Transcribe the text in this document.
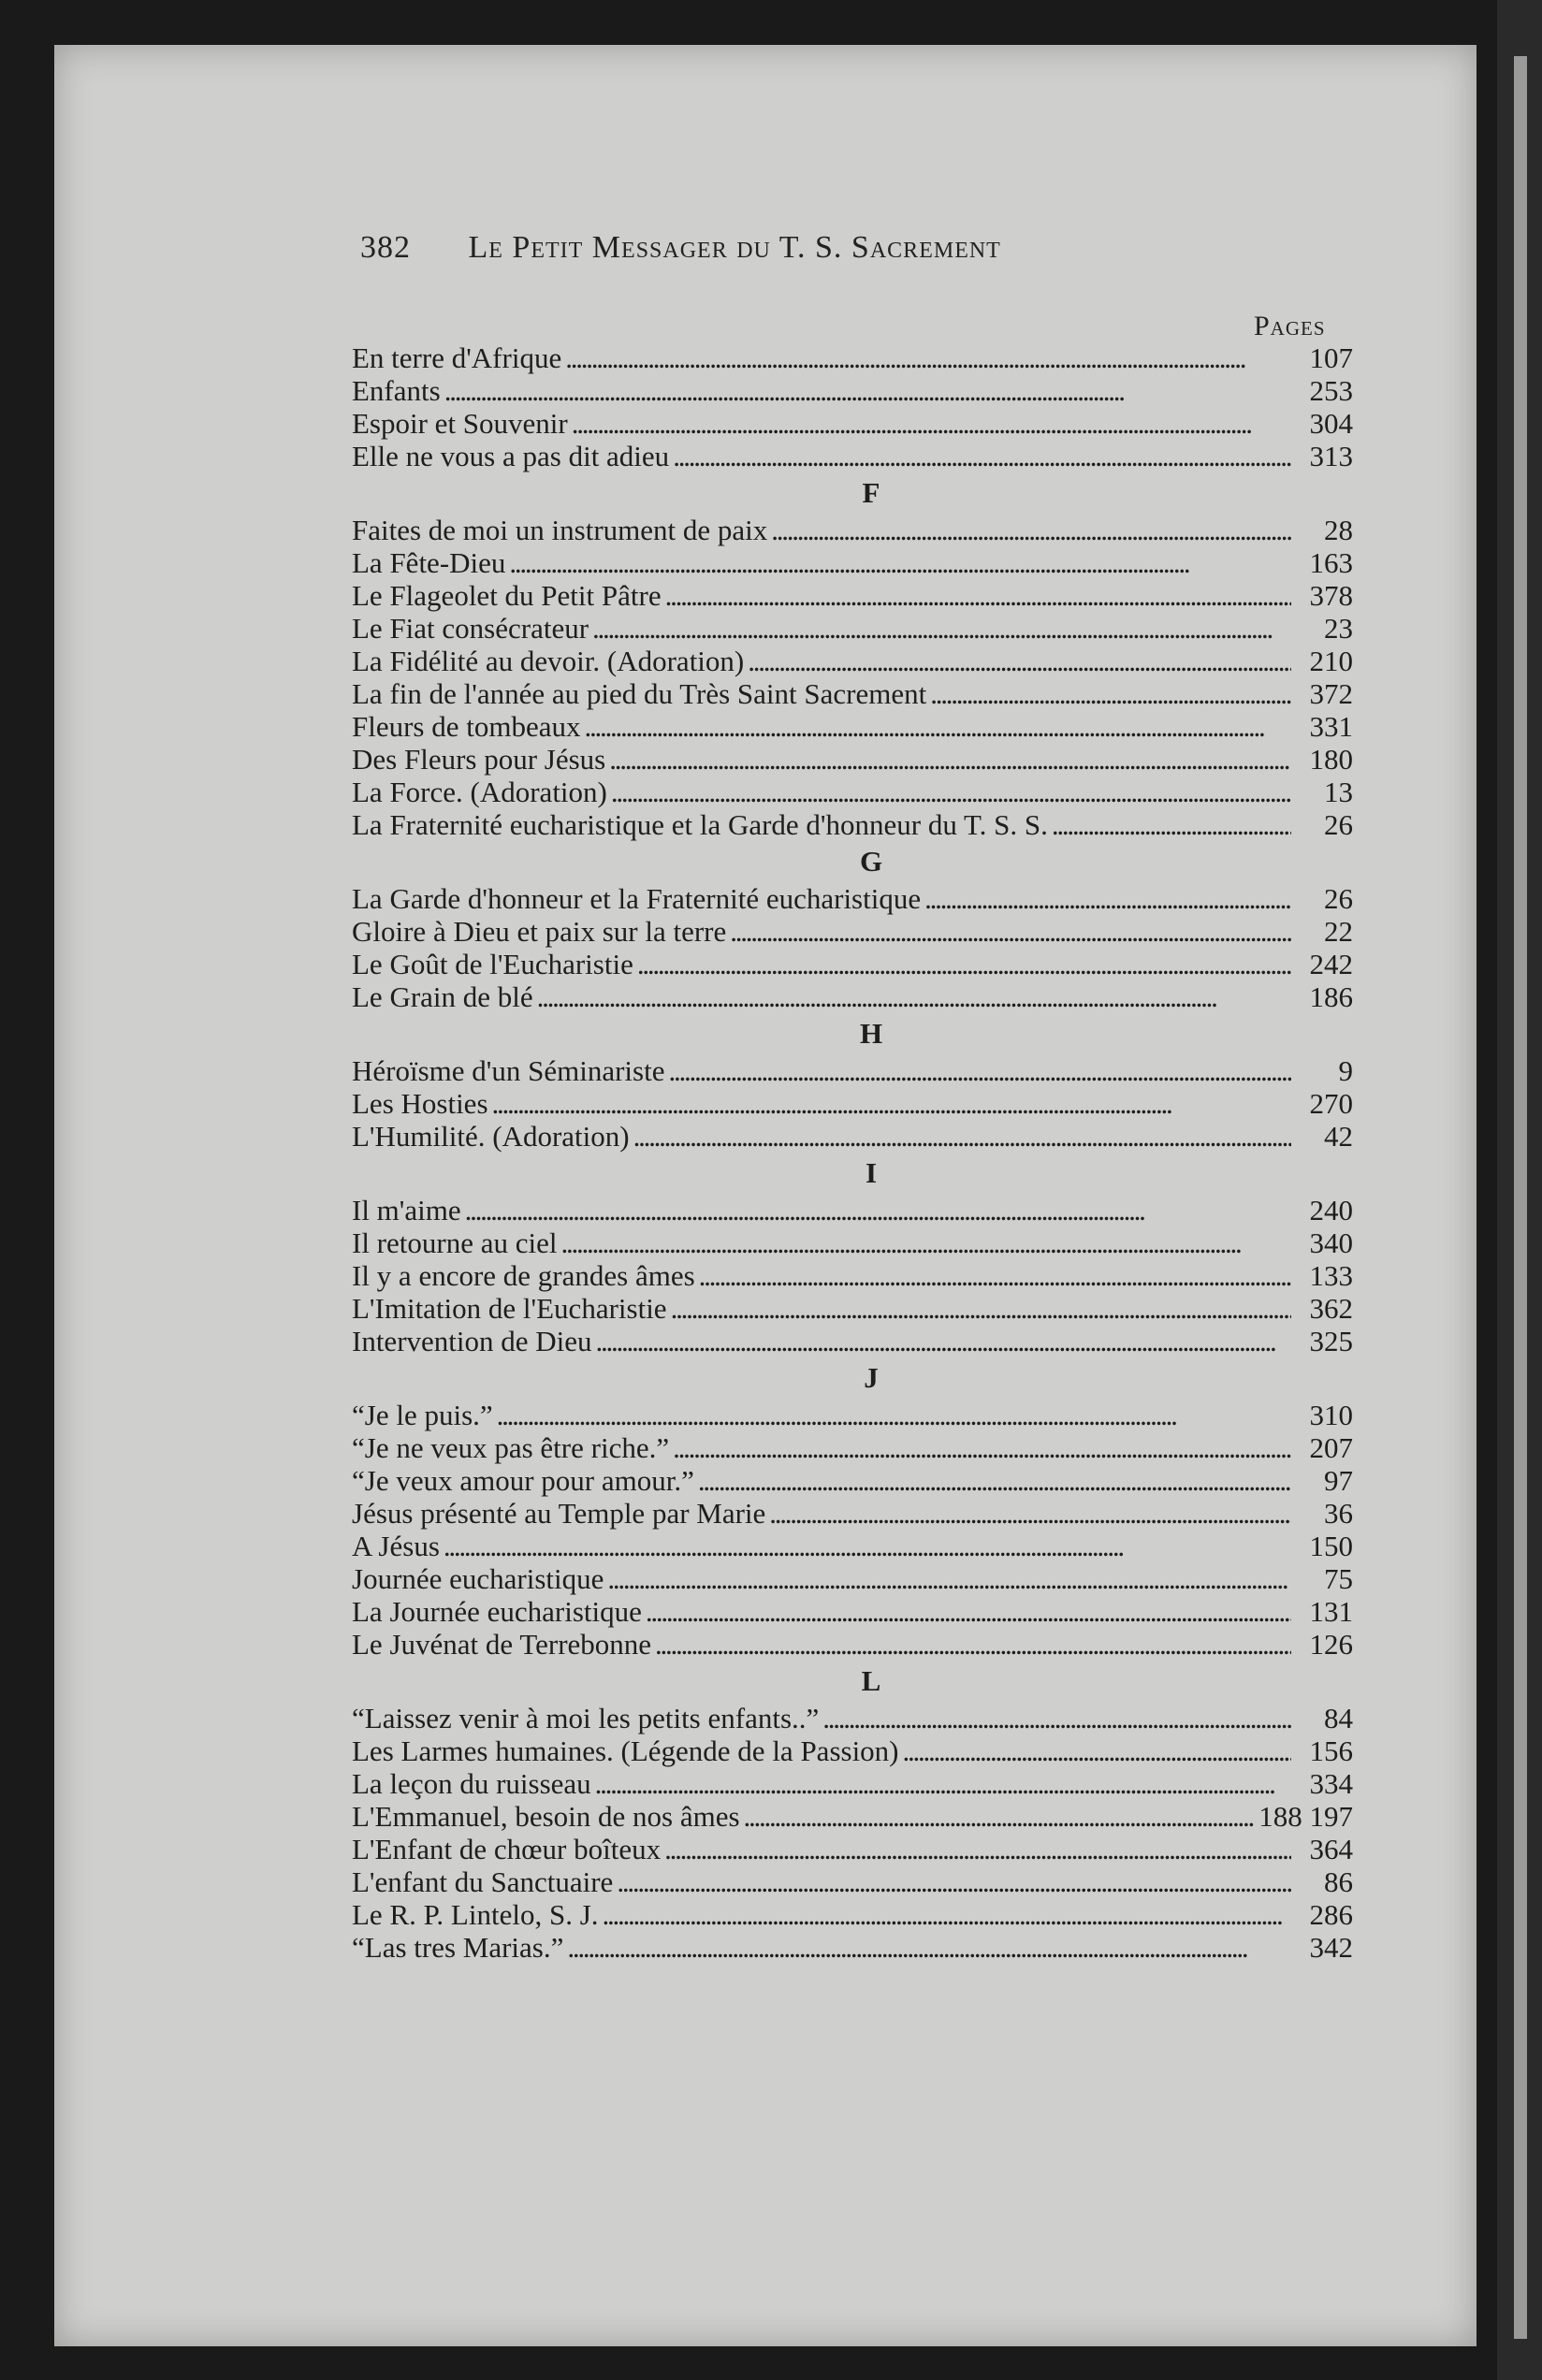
382 Le Petit Messager du T. S. Sacrement
Pages
En terre d'Afrique . . .	107
Enfants . . .	253
Espoir et Souvenir . . .	304
Elle ne vous a pas dit adieu . . .	313
F
Faites de moi un instrument de paix . . .	28
La Fête-Dieu . . .	163
Le Flageolet du Petit Pâtre . . .	378
Le Fiat consécrateur . . .	23
La Fidélité au devoir. (Adoration) . . .	210
La fin de l'année au pied du Très Saint Sacrement . . .	372
Fleurs de tombeaux . . .	331
Des Fleurs pour Jésus . . .	180
La Force. (Adoration) . . .	13
La Fraternité eucharistique et la Garde d'honneur du T. S. S. . . .	26
G
La Garde d'honneur et la Fraternité eucharistique . . .	26
Gloire à Dieu et paix sur la terre . . .	22
Le Goût de l'Eucharistie . . .	242
Le Grain de blé . . .	186
H
Héroïsme d'un Séminariste . . .	9
Les Hosties . . .	270
L'Humilité. (Adoration) . . .	42
I
Il m'aime . . .	240
Il retourne au ciel . . .	340
Il y a encore de grandes âmes . . .	133
L'Imitation de l'Eucharistie . . .	362
Intervention de Dieu . . .	325
J
“Je le puis.” . . .	310
“Je ne veux pas être riche.” . . .	207
“Je veux amour pour amour.” . . .	97
Jésus présenté au Temple par Marie . . .	36
A Jésus . . .	150
Journée eucharistique . . .	75
La Journée eucharistique . . .	131
Le Juvénat de Terrebonne . . .	126
L
“Laissez venir à moi les petits enfants..” . . .	84
Les Larmes humaines. (Légende de la Passion) . . .	156
La leçon du ruisseau . . .	334
L'Emmanuel, besoin de nos âmes . . .	188 197
L'Enfant de chœur boîteux . . .	364
L'enfant du Sanctuaire . . .	86
Le R. P. Lintelo, S. J. . . .	286
“Las tres Marias.” . . .	342
